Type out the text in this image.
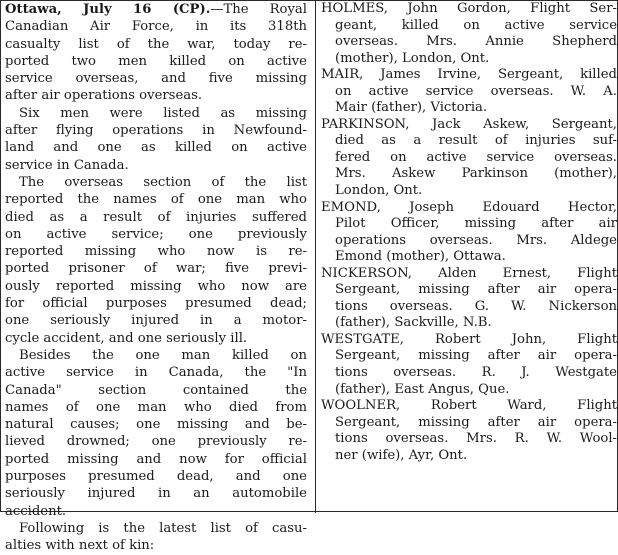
Ottawa, July 16 (CP).—The Royal
Canadian Air Force, in its 318th
casualty list of the war, today re-
ported two men killed on active
service overseas, and five missing
after air operations overseas.
Six men were listed as missing
after flying operations in Newfound-
land and one as killed on active
service in Canada.
The overseas section of the list
reported the names of one man who
died as a result of injuries suffered
on active service; one previously
reported missing who now is re-
ported prisoner of war; five previ-
ously reported missing who now are
for official purposes presumed dead;
one seriously injured in a motor-
cycle accident, and one seriously ill.
Besides the one man killed on
active service in Canada, the "In
Canada" section contained the
names of one man who died from
natural causes; one missing and be-
lieved drowned; one previously re-
ported missing and now for official
purposes presumed dead, and one
seriously injured in an automobile
accident.
Following is the latest list of casu-
alties with next of kin:
HOLMES, John Gordon, Flight Ser-
geant, killed on active service
overseas. Mrs. Annie Shepherd
(mother), London, Ont.
MAIR, James Irvine, Sergeant, killed
on active service overseas. W. A.
Mair (father), Victoria.
PARKINSON, Jack Askew, Sergeant,
died as a result of injuries suf-
fered on active service overseas.
Mrs. Askew Parkinson (mother),
London, Ont.
EMOND, Joseph Edouard Hector,
Pilot Officer, missing after air
operations overseas. Mrs. Aldege
Emond (mother), Ottawa.
NICKERSON, Alden Ernest, Flight
Sergeant, missing after air opera-
tions overseas. G. W. Nickerson
(father), Sackville, N.B.
WESTGATE, Robert John, Flight
Sergeant, missing after air opera-
tions overseas. R. J. Westgate
(father), East Angus, Que.
WOOLNER, Robert Ward, Flight
Sergeant, missing after air opera-
tions overseas. Mrs. R. W. Wool-
ner (wife), Ayr, Ont.
